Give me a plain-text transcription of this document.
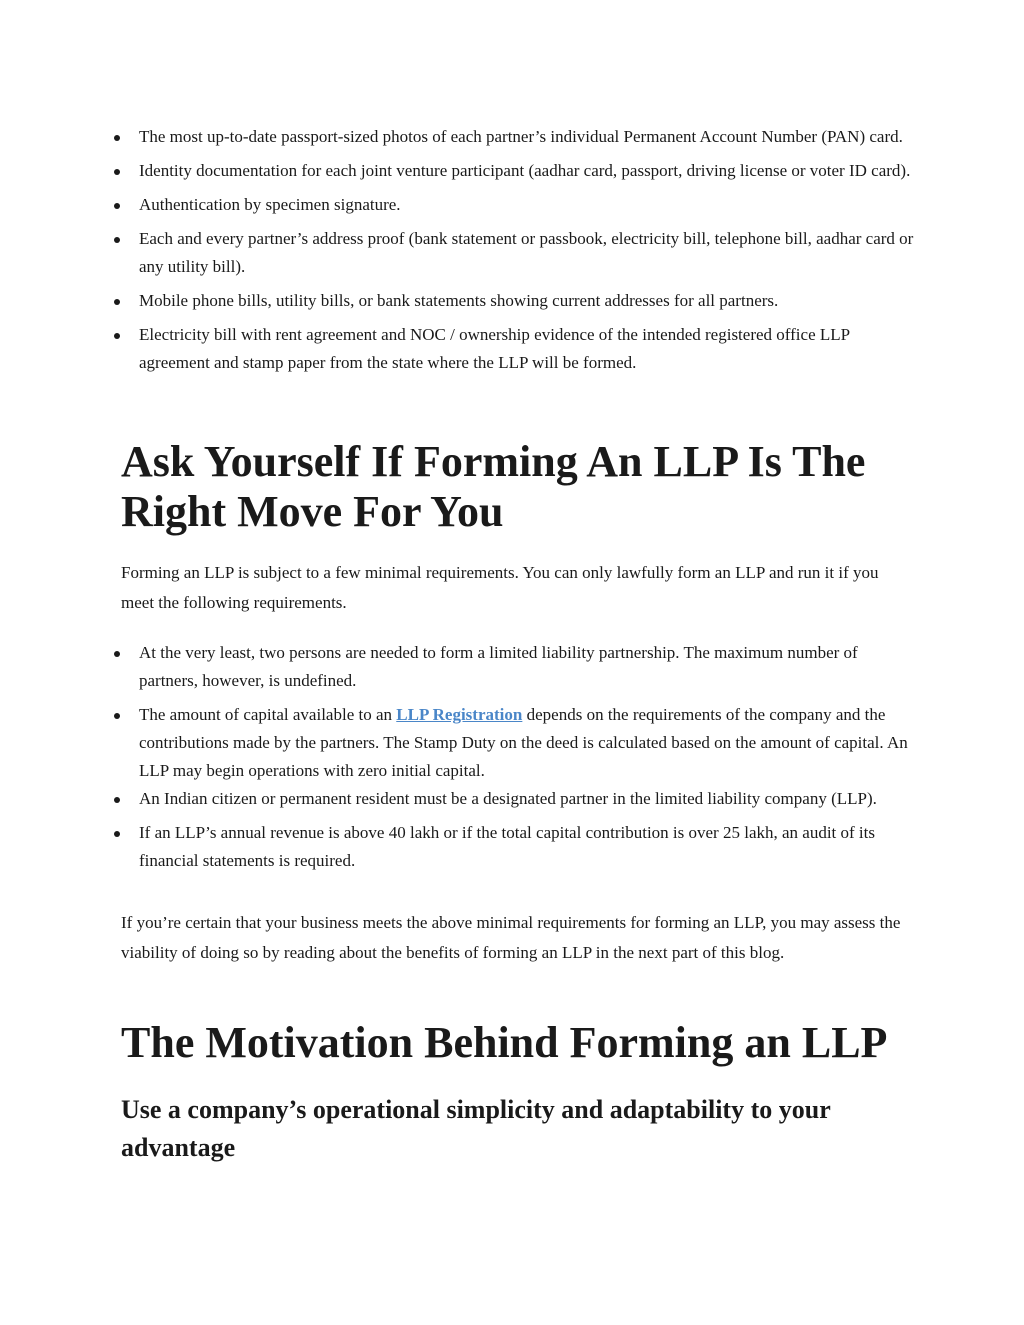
The most up-to-date passport-sized photos of each partner’s individual Permanent Account Number (PAN) card.
Identity documentation for each joint venture participant (aadhar card, passport, driving license or voter ID card).
Authentication by specimen signature.
Each and every partner’s address proof (bank statement or passbook, electricity bill, telephone bill, aadhar card or any utility bill).
Mobile phone bills, utility bills, or bank statements showing current addresses for all partners.
Electricity bill with rent agreement and NOC / ownership evidence of the intended registered office LLP agreement and stamp paper from the state where the LLP will be formed.
Ask Yourself If Forming An LLP Is The Right Move For You

Forming an LLP is subject to a few minimal requirements. You can only lawfully form an LLP and run it if you meet the following requirements.

At the very least, two persons are needed to form a limited liability partnership. The maximum number of partners, however, is undefined.
The amount of capital available to an LLP Registration depends on the requirements of the company and the contributions made by the partners. The Stamp Duty on the deed is calculated based on the amount of capital. An LLP may begin operations with zero initial capital.
An Indian citizen or permanent resident must be a designated partner in the limited liability company (LLP).
If an LLP’s annual revenue is above 40 lakh or if the total capital contribution is over 25 lakh, an audit of its financial statements is required.

If you’re certain that your business meets the above minimal requirements for forming an LLP, you may assess the viability of doing so by reading about the benefits of forming an LLP in the next part of this blog.

The Motivation Behind Forming an LLP
Use a company’s operational simplicity and adaptability to your advantage
